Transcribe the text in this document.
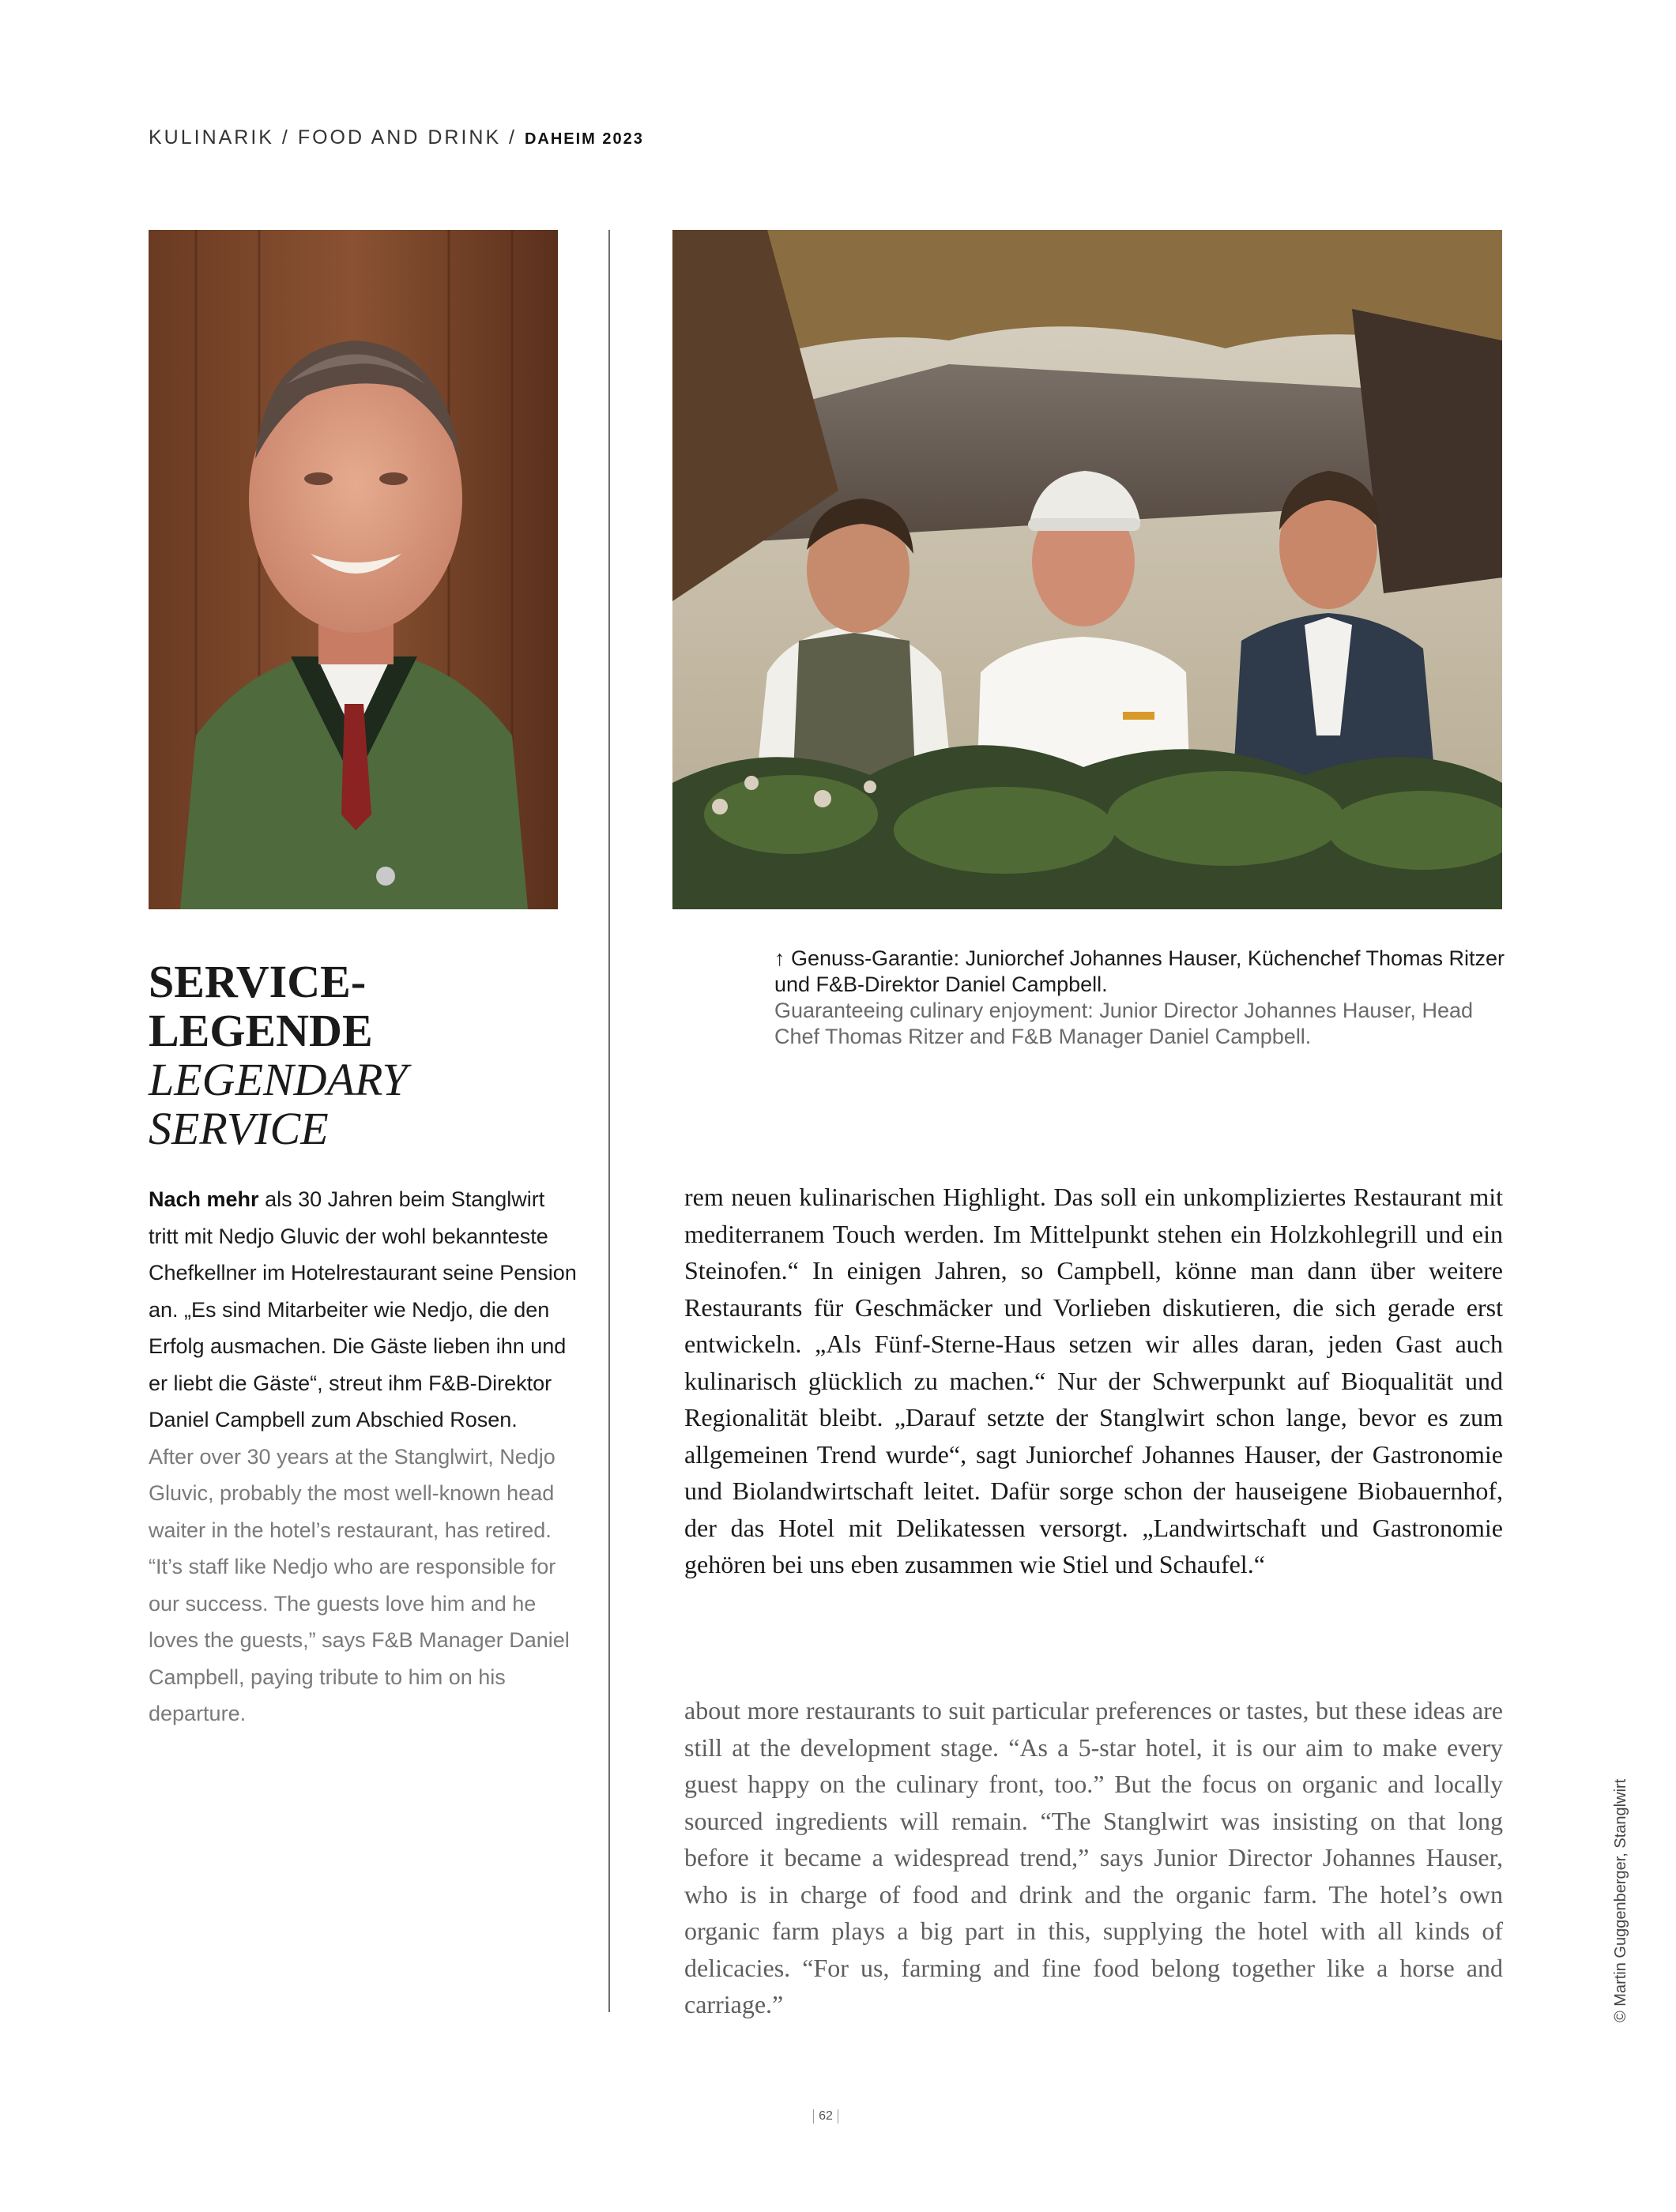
KULINARIK / FOOD AND DRINK / DAHEIM 2023
↑ Genuss-Garantie: Juniorchef Johannes Hauser, Küchenchef Thomas Ritzer und F&B-Direktor Daniel Campbell.
Guaranteeing culinary enjoyment: Junior Director Johannes Hauser, Head Chef Thomas Ritzer and F&B Manager Daniel Campbell.
SERVICE-
LEGENDE
LEGENDARY
SERVICE
Nach mehr als 30 Jahren beim Stanglwirt tritt mit Nedjo Gluvic der wohl bekannteste Chefkellner im Hotelrestaurant seine Pension an. „Es sind Mitarbeiter wie Nedjo, die den Erfolg ausmachen. Die Gäste lieben ihn und er liebt die Gäste“, streut ihm F&B-Direktor Daniel Campbell zum Abschied Rosen.
After over 30 years at the Stanglwirt, Nedjo Gluvic, probably the most well-known head waiter in the hotel’s restaurant, has retired. “It’s staff like Nedjo who are responsible for our success. The guests love him and he loves the guests,” says F&B Manager Daniel Campbell, paying tribute to him on his departure.
rem neuen kulinarischen Highlight. Das soll ein unkompliziertes Restaurant mit mediterranem Touch werden. Im Mittelpunkt stehen ein Holzkohlegrill und ein Steinofen.“ In einigen Jahren, so Campbell, könne man dann über weitere Restaurants für Geschmäcker und Vorlieben diskutieren, die sich gerade erst entwickeln. „Als Fünf-Sterne-Haus setzen wir alles daran, jeden Gast auch kulinarisch glücklich zu machen.“ Nur der Schwerpunkt auf Bioqualität und Regionalität bleibt. „Darauf setzte der Stanglwirt schon lange, bevor es zum allgemeinen Trend wurde“, sagt Juniorchef Johannes Hauser, der Gastronomie und Biolandwirtschaft leitet. Dafür sorge schon der hauseigene Biobauernhof, der das Hotel mit Delikatessen versorgt. „Landwirtschaft und Gastronomie gehören bei uns eben zusammen wie Stiel und Schaufel.“
about more restaurants to suit particular preferences or tastes, but these ideas are still at the development stage. “As a 5-star hotel, it is our aim to make every guest happy on the culinary front, too.” But the focus on organic and locally sourced ingredients will remain. “The Stanglwirt was insisting on that long before it became a widespread trend,” says Junior Director Johannes Hauser, who is in charge of food and drink and the organic farm. The hotel’s own organic farm plays a big part in this, supplying the hotel with all kinds of delicacies. “For us, farming and fine food belong together like a horse and carriage.”	© Martin Guggenberger, Stanglwirt
62
